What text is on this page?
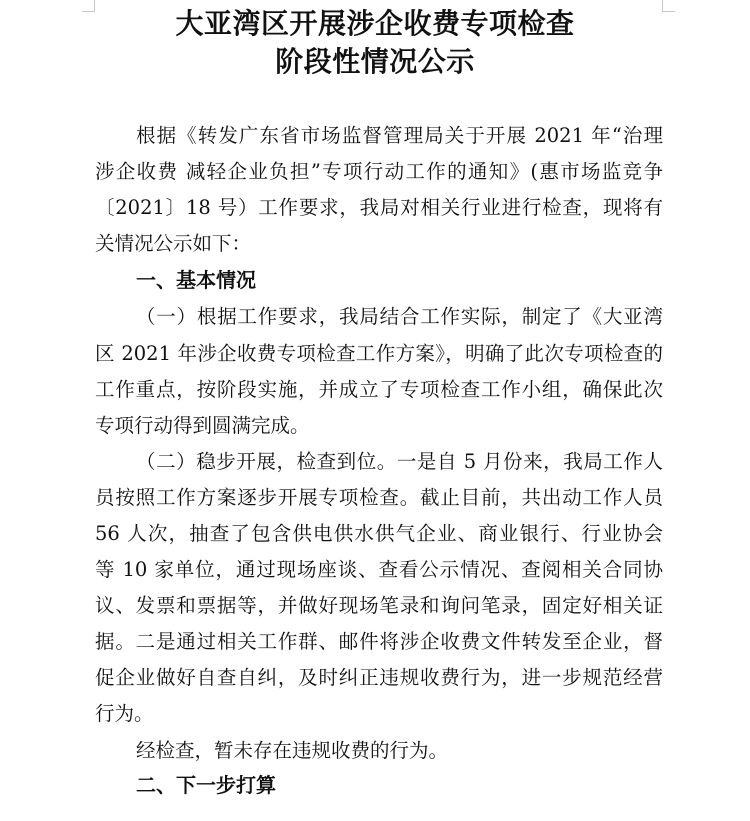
大亚湾区开展涉企收费专项检查
阶段性情况公示
根据《转发广东省市场监督管理局关于开展 2021 年“治理
涉企收费 减轻企业负担”专项行动工作的通知》(惠市场监竞争
〔2021〕18 号）工作要求，我局对相关行业进行检查，现将有
关情况公示如下：
一、基本情况
（一）根据工作要求，我局结合工作实际，制定了《大亚湾
区 2021 年涉企收费专项检查工作方案》，明确了此次专项检查的
工作重点，按阶段实施，并成立了专项检查工作小组，确保此次
专项行动得到圆满完成。
（二）稳步开展，检查到位。一是自 5 月份来，我局工作人
员按照工作方案逐步开展专项检查。截止目前，共出动工作人员
56 人次，抽查了包含供电供水供气企业、商业银行、行业协会
等 10 家单位，通过现场座谈、查看公示情况、查阅相关合同协
议、发票和票据等，并做好现场笔录和询问笔录，固定好相关证
据。二是通过相关工作群、邮件将涉企收费文件转发至企业，督
促企业做好自查自纠，及时纠正违规收费行为，进一步规范经营
行为。
经检查，暂未存在违规收费的行为。
二、下一步打算
